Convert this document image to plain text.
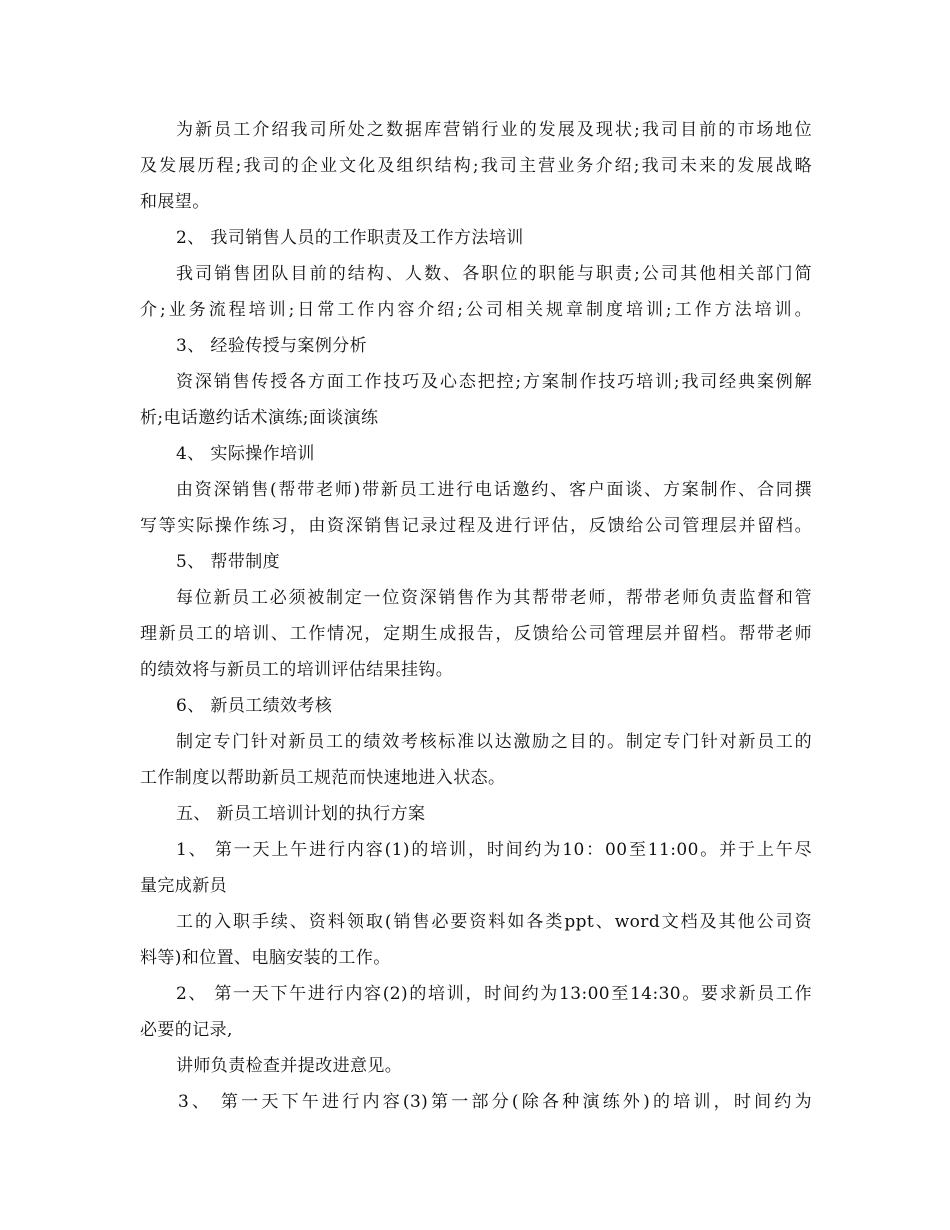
为新员工介绍我司所处之数据库营销行业的发展及现状;我司目前的市场地位
及发展历程;我司的企业文化及组织结构;我司主营业务介绍;我司未来的发展战略
和展望。
2、 我司销售人员的工作职责及工作方法培训
我司销售团队目前的结构、人数、各职位的职能与职责;公司其他相关部门简
介;业务流程培训;日常工作内容介绍;公司相关规章制度培训;工作方法培训。
3、 经验传授与案例分析
资深销售传授各方面工作技巧及心态把控;方案制作技巧培训;我司经典案例解
析;电话邀约话术演练;面谈演练
4、 实际操作培训
由资深销售(帮带老师)带新员工进行电话邀约、客户面谈、方案制作、合同撰
写等实际操作练习，由资深销售记录过程及进行评估，反馈给公司管理层并留档。
5、 帮带制度
每位新员工必须被制定一位资深销售作为其帮带老师，帮带老师负责监督和管
理新员工的培训、工作情况，定期生成报告，反馈给公司管理层并留档。帮带老师
的绩效将与新员工的培训评估结果挂钩。
6、 新员工绩效考核
制定专门针对新员工的绩效考核标准以达激励之目的。制定专门针对新员工的
工作制度以帮助新员工规范而快速地进入状态。
五、 新员工培训计划的执行方案
1、 第一天上午进行内容(1)的培训，时间约为10：00至11:00。并于上午尽
量完成新员
工的入职手续、资料领取(销售必要资料如各类ppt、word文档及其他公司资
料等)和位置、电脑安装的工作。
2、 第一天下午进行内容(2)的培训，时间约为13:00至14:30。要求新员工作
必要的记录,
讲师负责检查并提改进意见。
3、 第一天下午进行内容(3)第一部分(除各种演练外)的培训，时间约为
